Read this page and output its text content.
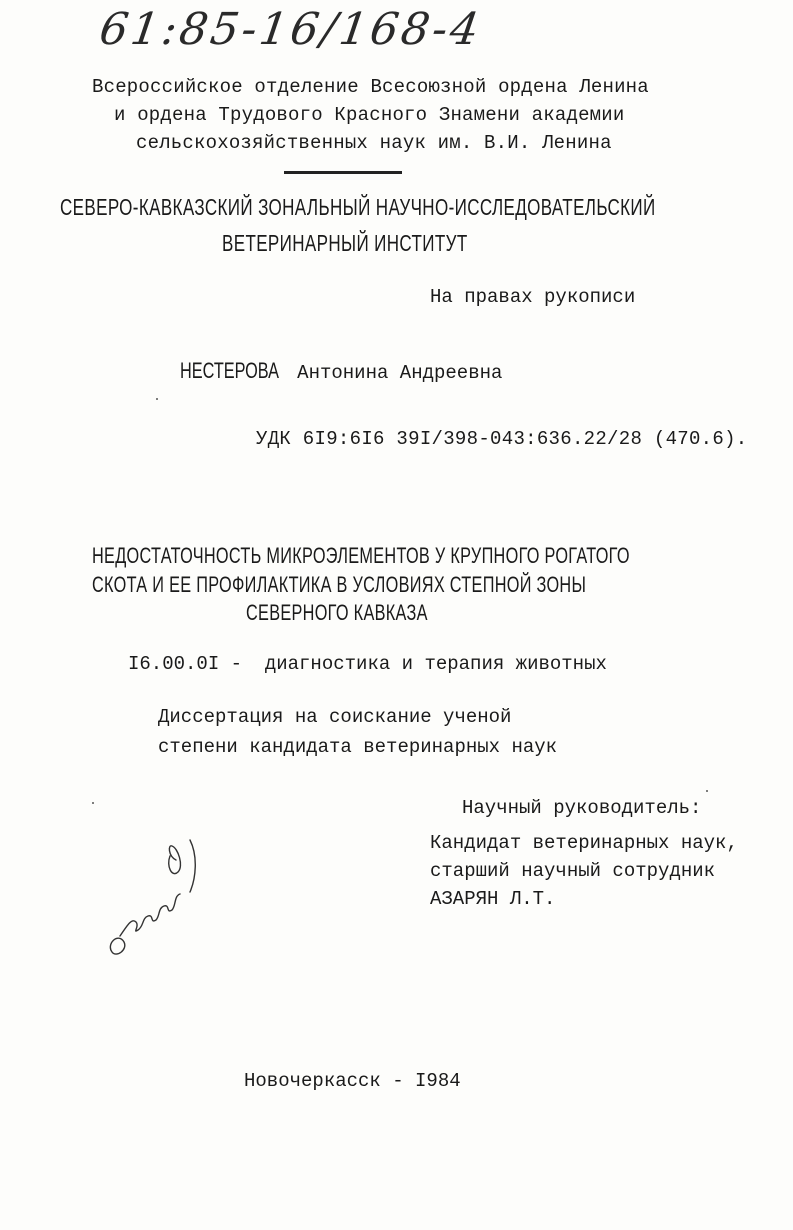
61:85-16/168-4
Всероссийское отделение Всесоюзной ордена Ленина
и ордена Трудового Красного Знамени академии
сельскохозяйственных наук им. В.И. Ленина
СЕВЕРО-КАВКАЗСКИЙ ЗОНАЛЬНЫЙ НАУЧНО-ИССЛЕДОВАТЕЛЬСКИЙ
ВЕТЕРИНАРНЫЙ ИНСТИТУТ
На правах рукописи
НЕСТЕРОВА Антонина Андреевна
УДК 6I9:6I6 39I/398-043:636.22/28 (470.6).
НЕДОСТАТОЧНОСТЬ МИКРОЭЛЕМЕНТОВ У КРУПНОГО РОГАТОГО
СКОТА И ЕЕ ПРОФИЛАКТИКА В УСЛОВИЯХ СТЕПНОЙ ЗОНЫ
СЕВЕРНОГО КАВКАЗА
I6.00.0I -  диагностика и терапия животных
Диссертация на соискание ученой
степени кандидата ветеринарных наук
Научный руководитель:
Кандидат ветеринарных наук,
старший научный сотрудник
АЗАРЯН Л.Т.
Новочеркасск - I984
